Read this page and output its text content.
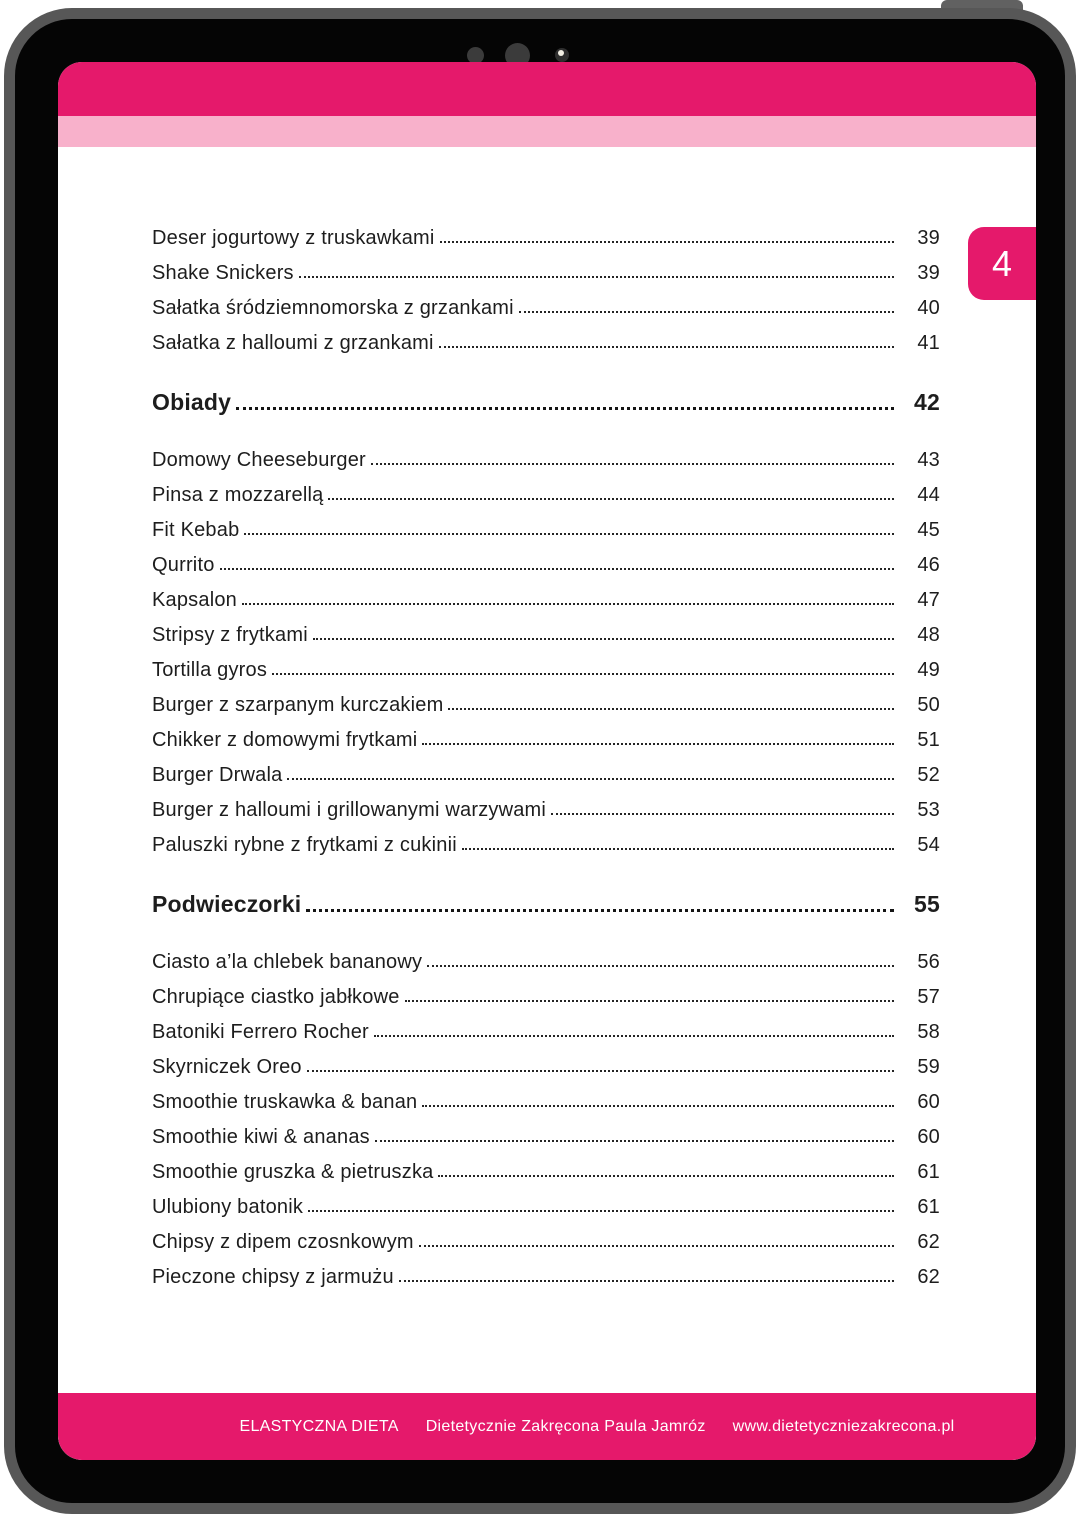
4
Deser jogurtowy z truskawkami	39
Shake Snickers	39
Sałatka śródziemnomorska z grzankami	40
Sałatka z halloumi z grzankami	41
Obiady	42
Domowy Cheeseburger	43
Pinsa z mozzarellą	44
Fit Kebab	45
Qurrito	46
Kapsalon	47
Stripsy z frytkami	48
Tortilla gyros	49
Burger z szarpanym kurczakiem	50
Chikker z domowymi frytkami	51
Burger Drwala	52
Burger z halloumi i grillowanymi warzywami	53
Paluszki rybne z frytkami z cukinii	54
Podwieczorki	55
Ciasto a’la chlebek bananowy	56
Chrupiące ciastko jabłkowe	57
Batoniki Ferrero Rocher	58
Skyrniczek Oreo	59
Smoothie truskawka & banan	60
Smoothie kiwi & ananas	60
Smoothie gruszka & pietruszka	61
Ulubiony batonik	61
Chipsy z dipem czosnkowym	62
Pieczone chipsy z jarmużu	62
ELASTYCZNA DIETA Dietetycznie Zakręcona Paula Jamróz www.dietetyczniezakrecona.pl
